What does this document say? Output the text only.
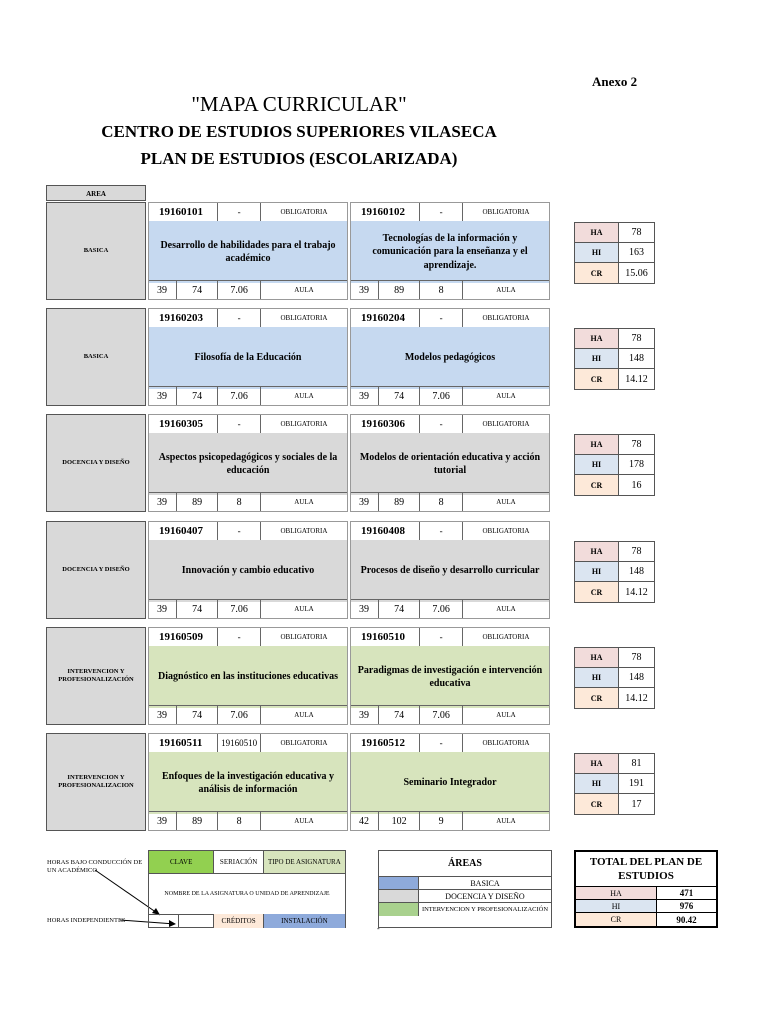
Anexo 2
"MAPA CURRICULAR"
CENTRO DE ESTUDIOS SUPERIORES VILASECA
PLAN DE ESTUDIOS (ESCOLARIZADA)
AREA
BASICA
19160101	-	OBLIGATORIA
Desarrollo de habilidades para el trabajo académico
39	74	7.06	AULA
19160102	-	OBLIGATORIA
Tecnologías de la información y comunicación para la enseñanza y el aprendizaje.
39	89	8	AULA
HA	78
HI	163
CR	15.06
BASICA
19160203	-	OBLIGATORIA
Filosofía de la Educación
39	74	7.06	AULA
19160204	-	OBLIGATORIA
Modelos pedagógicos
39	74	7.06	AULA
HA	78
HI	148
CR	14.12
DOCENCIA Y DISEÑO
19160305	-	OBLIGATORIA
Aspectos psicopedagógicos y sociales de la educación
39	89	8	AULA
19160306	-	OBLIGATORIA
Modelos de orientación educativa y acción tutorial
39	89	8	AULA
HA	78
HI	178
CR	16
DOCENCIA Y DISEÑO
19160407	-	OBLIGATORIA
Innovación y cambio educativo
39	74	7.06	AULA
19160408	-	OBLIGATORIA
Procesos de diseño y desarrollo curricular
39	74	7.06	AULA
HA	78
HI	148
CR	14.12
INTERVENCION Y PROFESIONALIZACIÓN
19160509	-	OBLIGATORIA
Diagnóstico en las instituciones educativas
39	74	7.06	AULA
19160510	-	OBLIGATORIA
Paradigmas de investigación e intervención educativa
39	74	7.06	AULA
HA	78
HI	148
CR	14.12
INTERVENCION Y PROFESIONALIZACION
19160511	19160510	OBLIGATORIA
Enfoques de la investigación educativa y análisis de información
39	89	8	AULA
19160512	-	OBLIGATORIA
Seminario Integrador
42	102	9	AULA
HA	81
HI	191
CR	17
HORAS BAJO CONDUCCIÓN DE UN ACADÉMICO
HORAS INDEPENDIENTES
CLAVE	SERIACIÓN	TIPO DE ASIGNATURA
NOMBRE DE LA ASIGNATURA O UNIDAD DE APRENDIZAJE
CRÉDITOS	INSTALACIÓN
ÁREAS
BASICA
DOCENCIA Y DISEÑO
INTERVENCION Y PROFESIONALIZACIÓN
-
TOTAL DEL PLAN DE ESTUDIOS
HA	471
HI	976
CR	90.42
